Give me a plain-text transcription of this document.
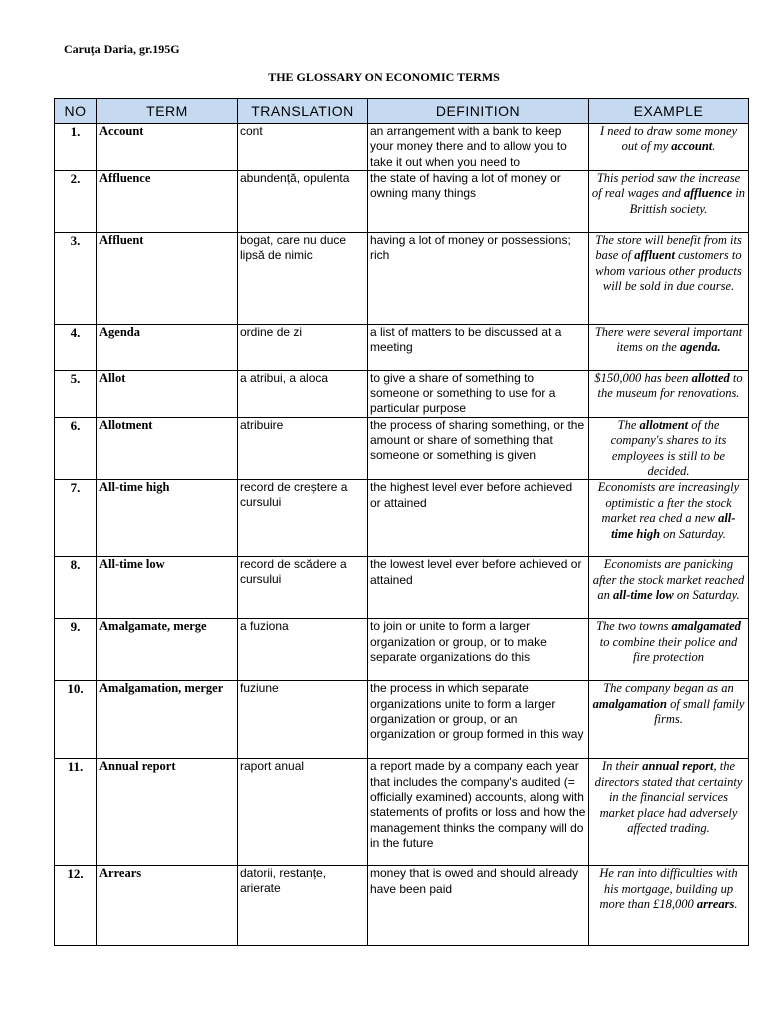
Caruța Daria, gr.195G
THE GLOSSARY ON ECONOMIC TERMS
NO	TERM	TRANSLATION	DEFINITION	EXAMPLE
1.	Account	cont	an arrangement with a bank to keep your money there and to allow you to take it out when you need to	I need to draw some money out of my account.
2.	Affluence	abundență, opulenta	the state of having a lot of money or owning many things	This period saw the increase of real wages and affluence in Brittish society.
3.	Affluent	bogat, care nu duce lipsă de nimic	having a lot of money or possessions; rich	The store will benefit from its base of affluent customers to whom various other products will be sold in due course.
4.	Agenda	ordine de zi	a list of matters to be discussed at a meeting	There were several important items on the agenda.
5.	Allot	a atribui, a aloca	to give a share of something to someone or something to use for a particular purpose	$150,000 has been allotted to the museum for renovations.
6.	Allotment	atribuire	the process of sharing something, or the amount or share of something that someone or something is given	The allotment of the company's shares to its employees is still to be decided.
7.	All-time high	record de creștere a cursului	the highest level ever before achieved or attained	Economists are increasingly optimistic a fter the stock market rea ched a new all-time high on Saturday.
8.	All-time low	record de scădere a cursului	the lowest level ever before achieved or attained	Economists are panicking after the stock market reached an all-time low on Saturday.
9.	Amalgamate, merge	a fuziona	to join or unite to form a larger organization or group, or to make separate organizations do this	The two towns amalgamated to combine their police and fire protection
10.	Amalgamation, merger	fuziune	the process in which separate organizations unite to form a larger organization or group, or an organization or group formed in this way	The company began as an amalgamation of small family firms.
11.	Annual report	raport anual	a report made by a company each year that includes the company's audited (= officially examined) accounts, along with statements of profits or loss and how the management thinks the company will do in the future	In their annual report, the directors stated that certainty in the financial services market place had adversely affected trading.
12.	Arrears	datorii, restanțe, arierate	money that is owed and should already have been paid	He ran into difficulties with his mortgage, building up more than £18,000 arrears.
